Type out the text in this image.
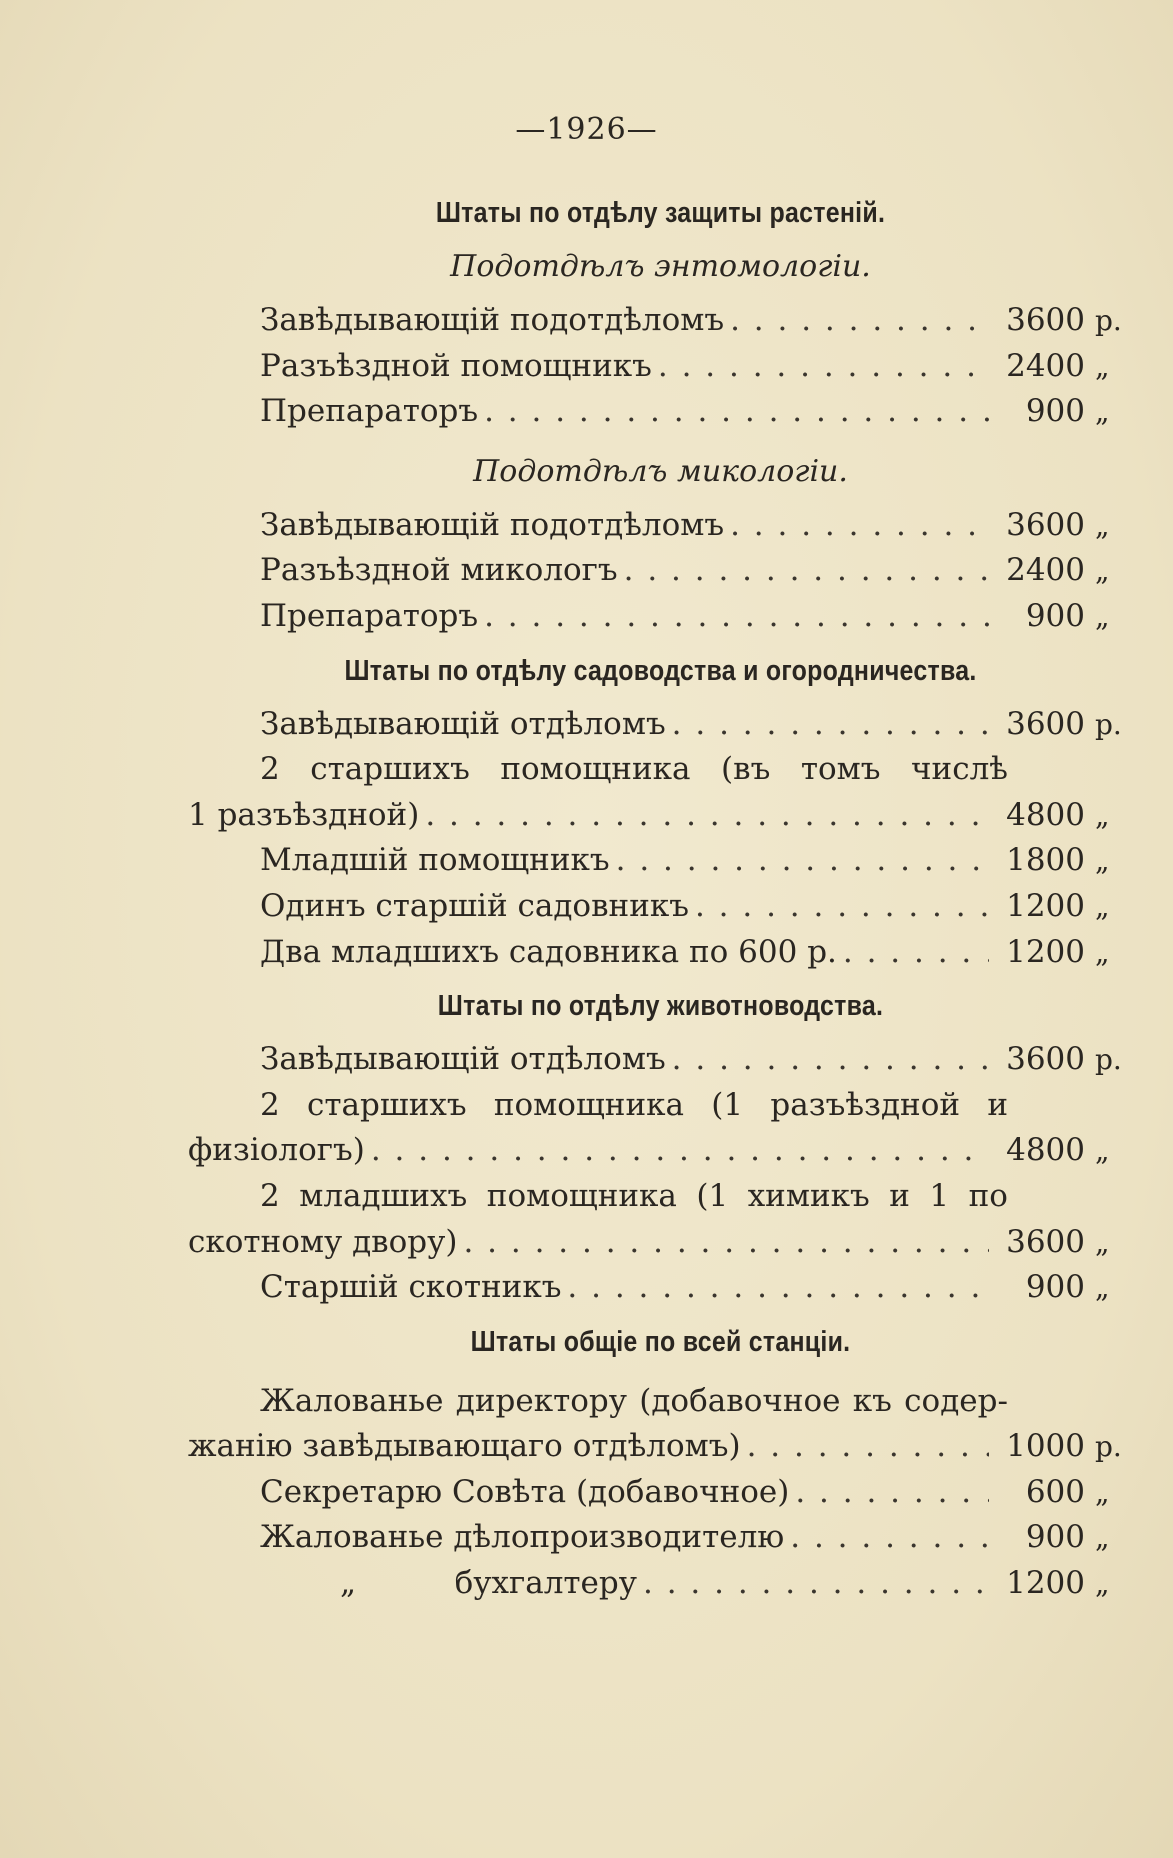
—1926—
Штаты по отдѣлу защиты растеній.
Подотдѣлъ энтомологіи.
Завѣдывающій подотдѣломъ . . .	3600 р.
Разъѣздной помощникъ . . .	2400 „
Препараторъ . . .	900 „
Подотдѣлъ микологіи.
Завѣдывающій подотдѣломъ . . .	3600 „
Разъѣздной микологъ . . .	2400 „
Препараторъ . . .	900 „
Штаты по отдѣлу садоводства и огородничества.
Завѣдывающій отдѣломъ . . .	3600 р.
2 старшихъ помощника (въ томъ числѣ
1 разъѣздной) . . .	4800 „
Младшій помощникъ . . .	1800 „
Одинъ старшій садовникъ . . .	1200 „
Два младшихъ садовника по 600 р. . . .	1200 „
Штаты по отдѣлу животноводства.
Завѣдывающій отдѣломъ . . .	3600 р.
2 старшихъ помощника (1 разъѣздной и
физіологъ) . . .	4800 „
2 младшихъ помощника (1 химикъ и 1 по
скотному двору) . . .	3600 „
Старшій скотникъ . . .	900 „
Штаты общіе по всей станціи.
Жалованье директору (добавочное къ содер-
жанію завѣдывающаго отдѣломъ) . . .	1000 р.
Секретарю Совѣта (добавочное) . . .	600 „
Жалованье дѣлопроизводителю . . .	900 „
„          бухгалтеру . . .	1200 „
